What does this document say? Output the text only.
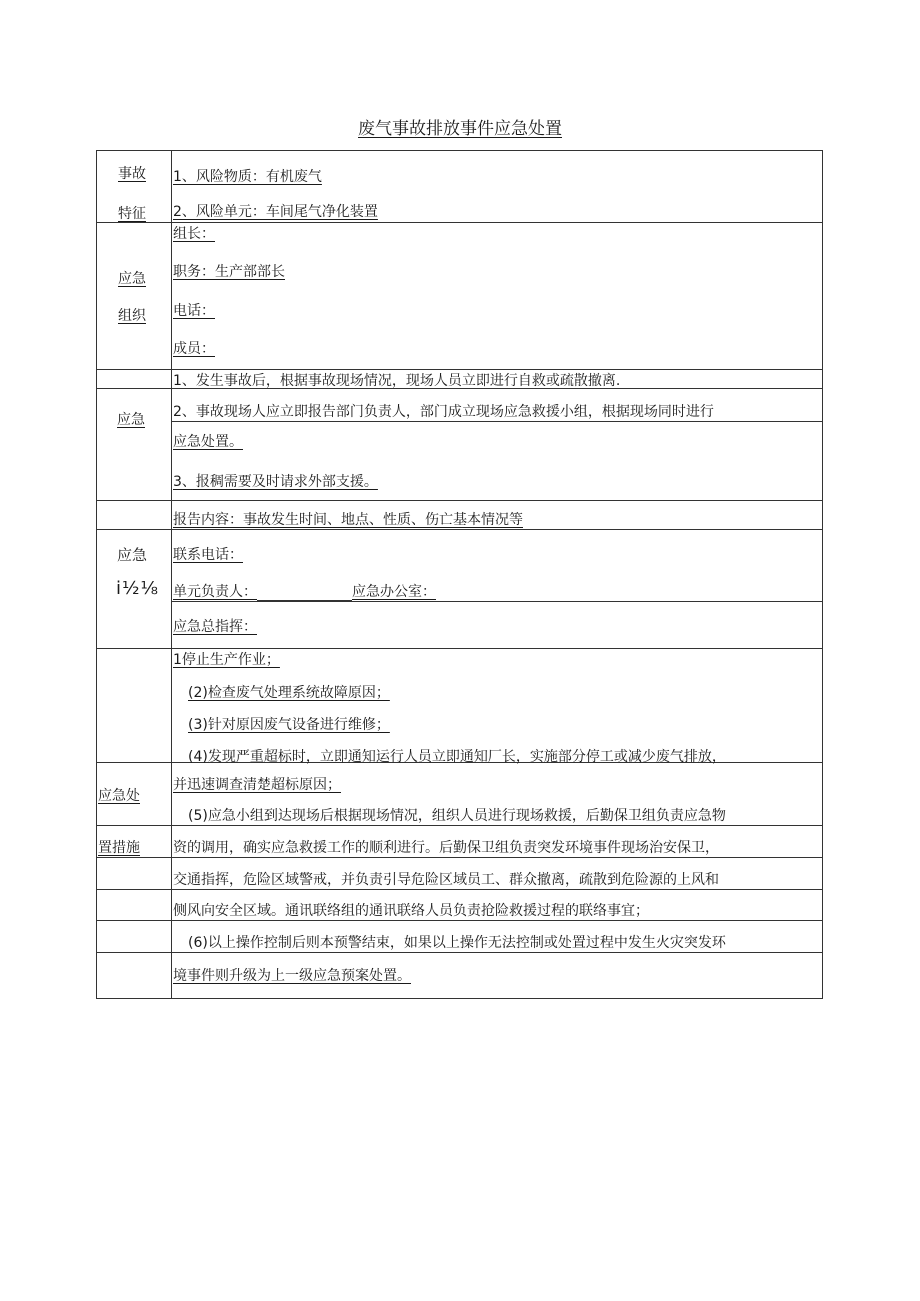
废气事故排放事件应急处置
事故
特征
1、风险物质：有机废气
2、风险单元：车间尾气净化装置
应急
组织
组长：
职务：生产部部长
电话：
成员：
应急
1、发生事故后，根据事故现场情况，现场人员立即进行自救或疏散撤离.
2、事故现场人应立即报告部门负责人，部门成立现场应急救援小组，根据现场同时进行
应急处置。
3、报稠需要及时请求外部支援。
报告内容：事故发生时间、地点、性质、伤亡基本情况等
应急
i½⅛
联系电话：
单元负责人：	应急办公室：
应急总指挥：
应急处
置措施
1停止生产作业；
(2)检查废气处理系统故障原因；
(3)针对原因废气设备进行维修；
(4)发现严重超标时，立即通知运行人员立即通知厂长，实施部分停工或减少废气排放，
并迅速调查清楚超标原因；
(5)应急小组到达现场后根据现场情况，组织人员进行现场救援，后勤保卫组负责应急物
资的调用，确实应急救援工作的顺利进行。后勤保卫组负责突发环境事件现场治安保卫，
交通指挥，危险区域警戒，并负责引导危险区域员工、群众撤离，疏散到危险源的上风和
侧风向安全区域。通讯联络组的通讯联络人员负责抢险救援过程的联络事宜；
(6)以上操作控制后则本预警结束，如果以上操作无法控制或处置过程中发生火灾突发环
境事件则升级为上一级应急预案处置。
